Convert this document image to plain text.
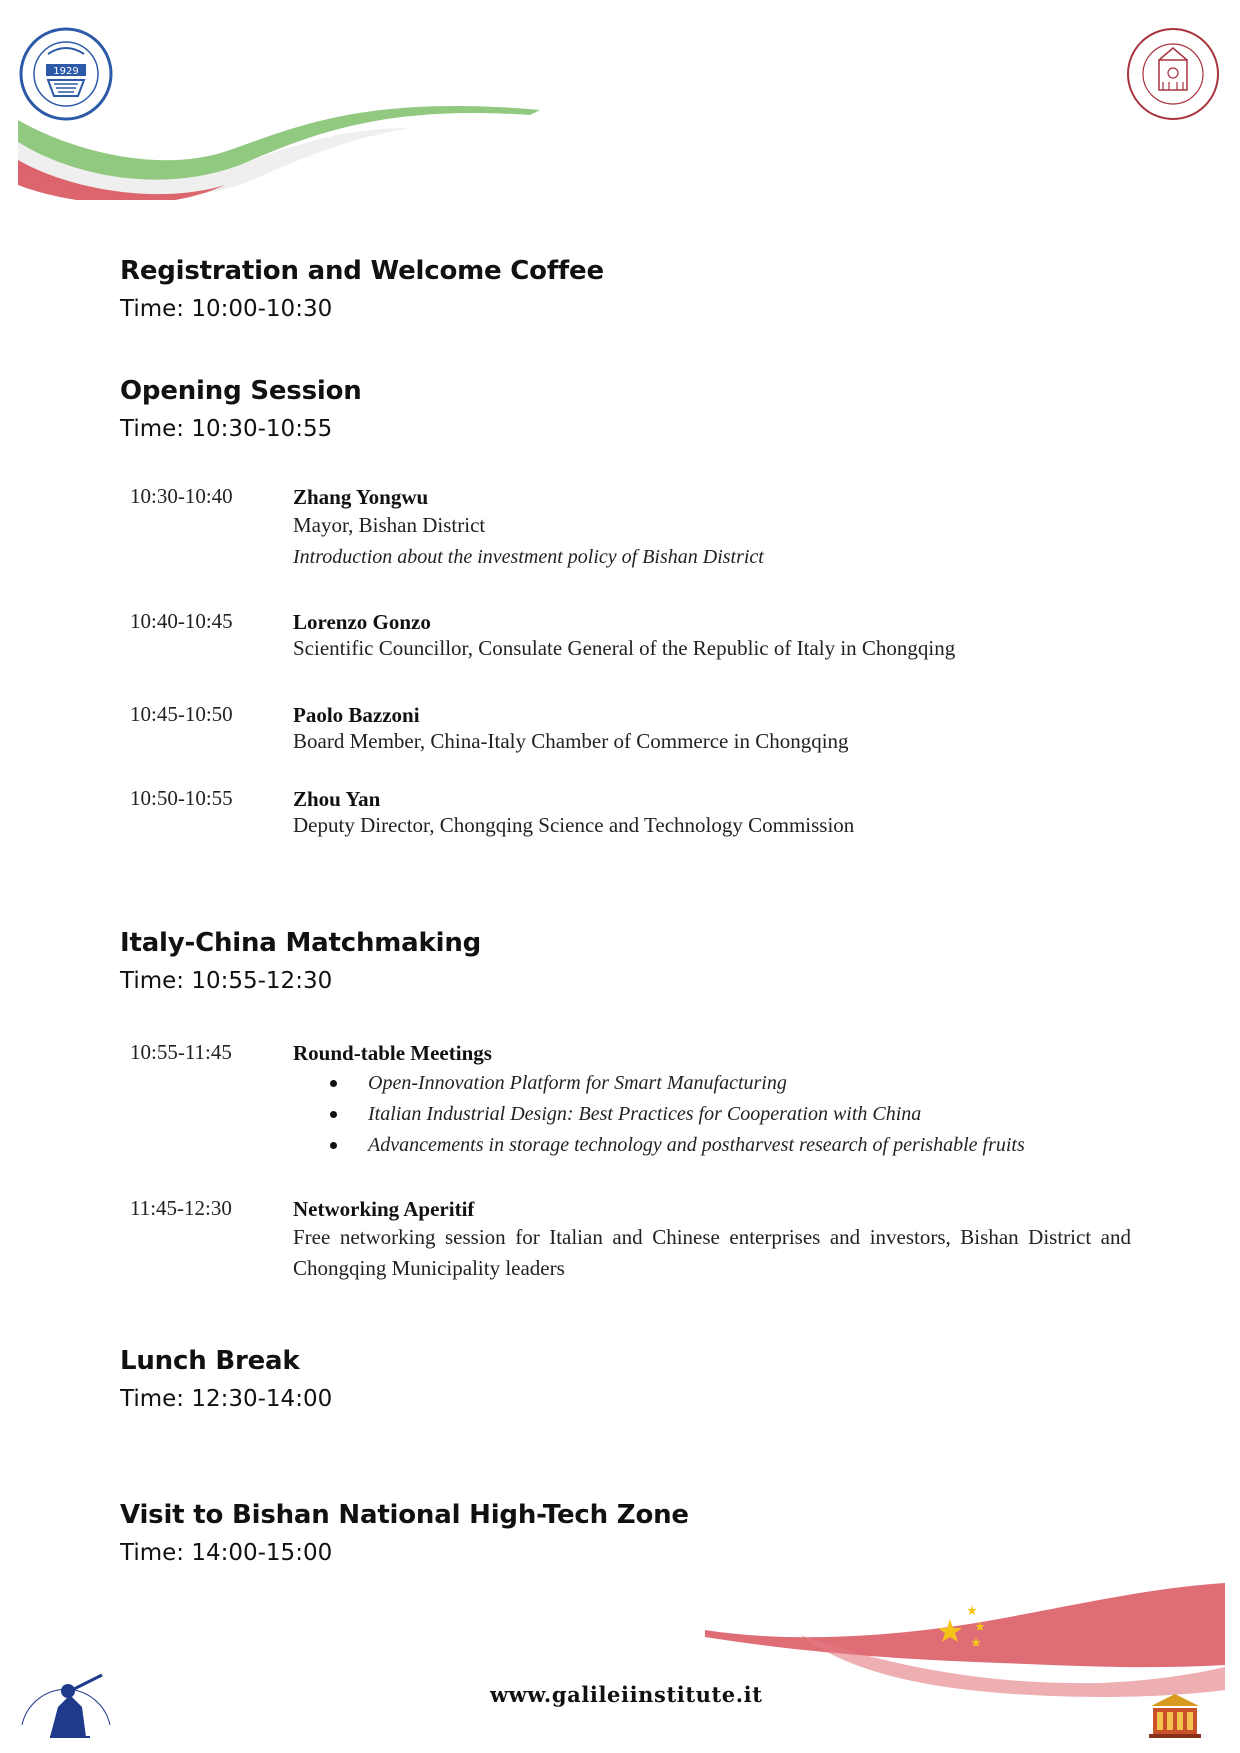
1929
Registration and Welcome Coffee
Time: 10:00-10:30
Opening Session
Time: 10:30-10:55
10:30-10:40	Zhang Yongwu
Mayor, Bishan District
Introduction about the investment policy of Bishan District
10:40-10:45	Lorenzo Gonzo
Scientific Councillor, Consulate General of the Republic of Italy in Chongqing
10:45-10:50	Paolo Bazzoni
Board Member, China-Italy Chamber of Commerce in Chongqing
10:50-10:55	Zhou Yan
Deputy Director, Chongqing Science and Technology Commission
Italy-China Matchmaking
Time: 10:55-12:30
10:55-11:45	Round-table Meetings
Open-Innovation Platform for Smart Manufacturing
Italian Industrial Design: Best Practices for Cooperation with China
Advancements in storage technology and postharvest research of perishable fruits
11:45-12:30	Networking Aperitif
Free networking session for Italian and Chinese enterprises and investors, Bishan District and Chongqing Municipality leaders
Lunch Break
Time: 12:30-14:00
Visit to Bishan National High-Tech Zone
Time: 14:00-15:00
www.galileiinstitute.it
